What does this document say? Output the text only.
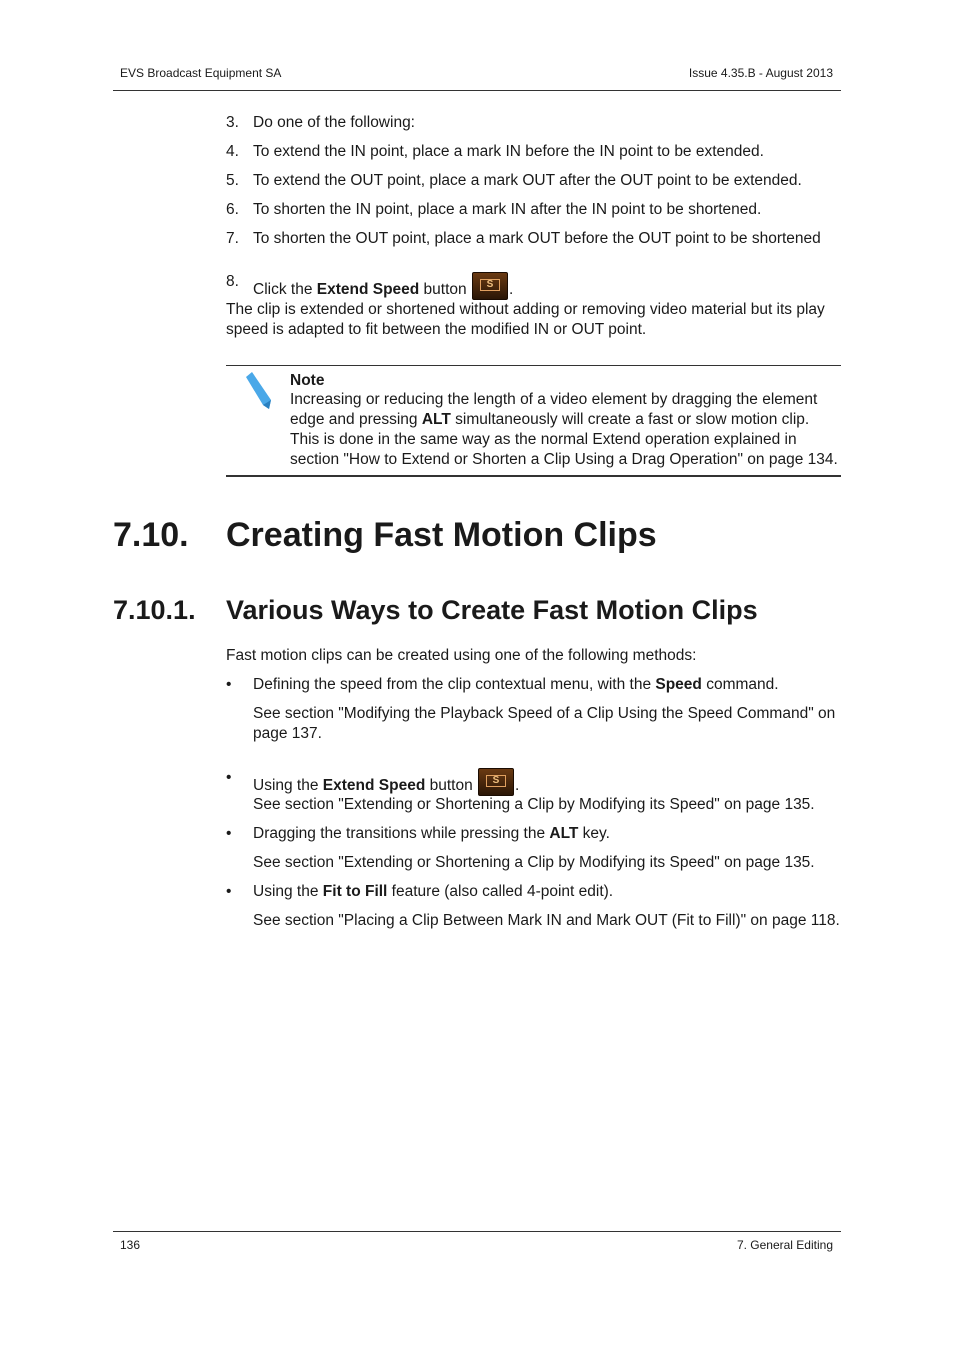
EVS Broadcast Equipment SA	Issue 4.35.B - August 2013
3. Do one of the following:
4. To extend the IN point, place a mark IN before the IN point to be extended.
5. To extend the OUT point, place a mark OUT after the OUT point to be extended.
6. To shorten the IN point, place a mark IN after the IN point to be shortened.
7. To shorten the OUT point, place a mark OUT before the OUT point to be shortened
8. Click the Extend Speed button	S	.
The clip is extended or shortened without adding or removing video material but its play
speed is adapted to fit between the modified IN or OUT point.
Note
Increasing or reducing the length of a video element by dragging the element
edge and pressing ALT simultaneously will create a fast or slow motion clip.
This is done in the same way as the normal Extend operation explained in
section "How to Extend or Shorten a Clip Using a Drag Operation" on page 134.
7.10. Creating Fast Motion Clips
7.10.1. Various Ways to Create Fast Motion Clips
Fast motion clips can be created using one of the following methods:
• Defining the speed from the clip contextual menu, with the Speed command.
See section "Modifying the Playback Speed of a Clip Using the Speed Command" on
page 137.
• Using the Extend Speed button	S	.
See section "Extending or Shortening a Clip by Modifying its Speed" on page 135.
• Dragging the transitions while pressing the ALT key.
See section "Extending or Shortening a Clip by Modifying its Speed" on page 135.
• Using the Fit to Fill feature (also called 4-point edit).
See section "Placing a Clip Between Mark IN and Mark OUT (Fit to Fill)" on page 118.
136	7. General Editing
